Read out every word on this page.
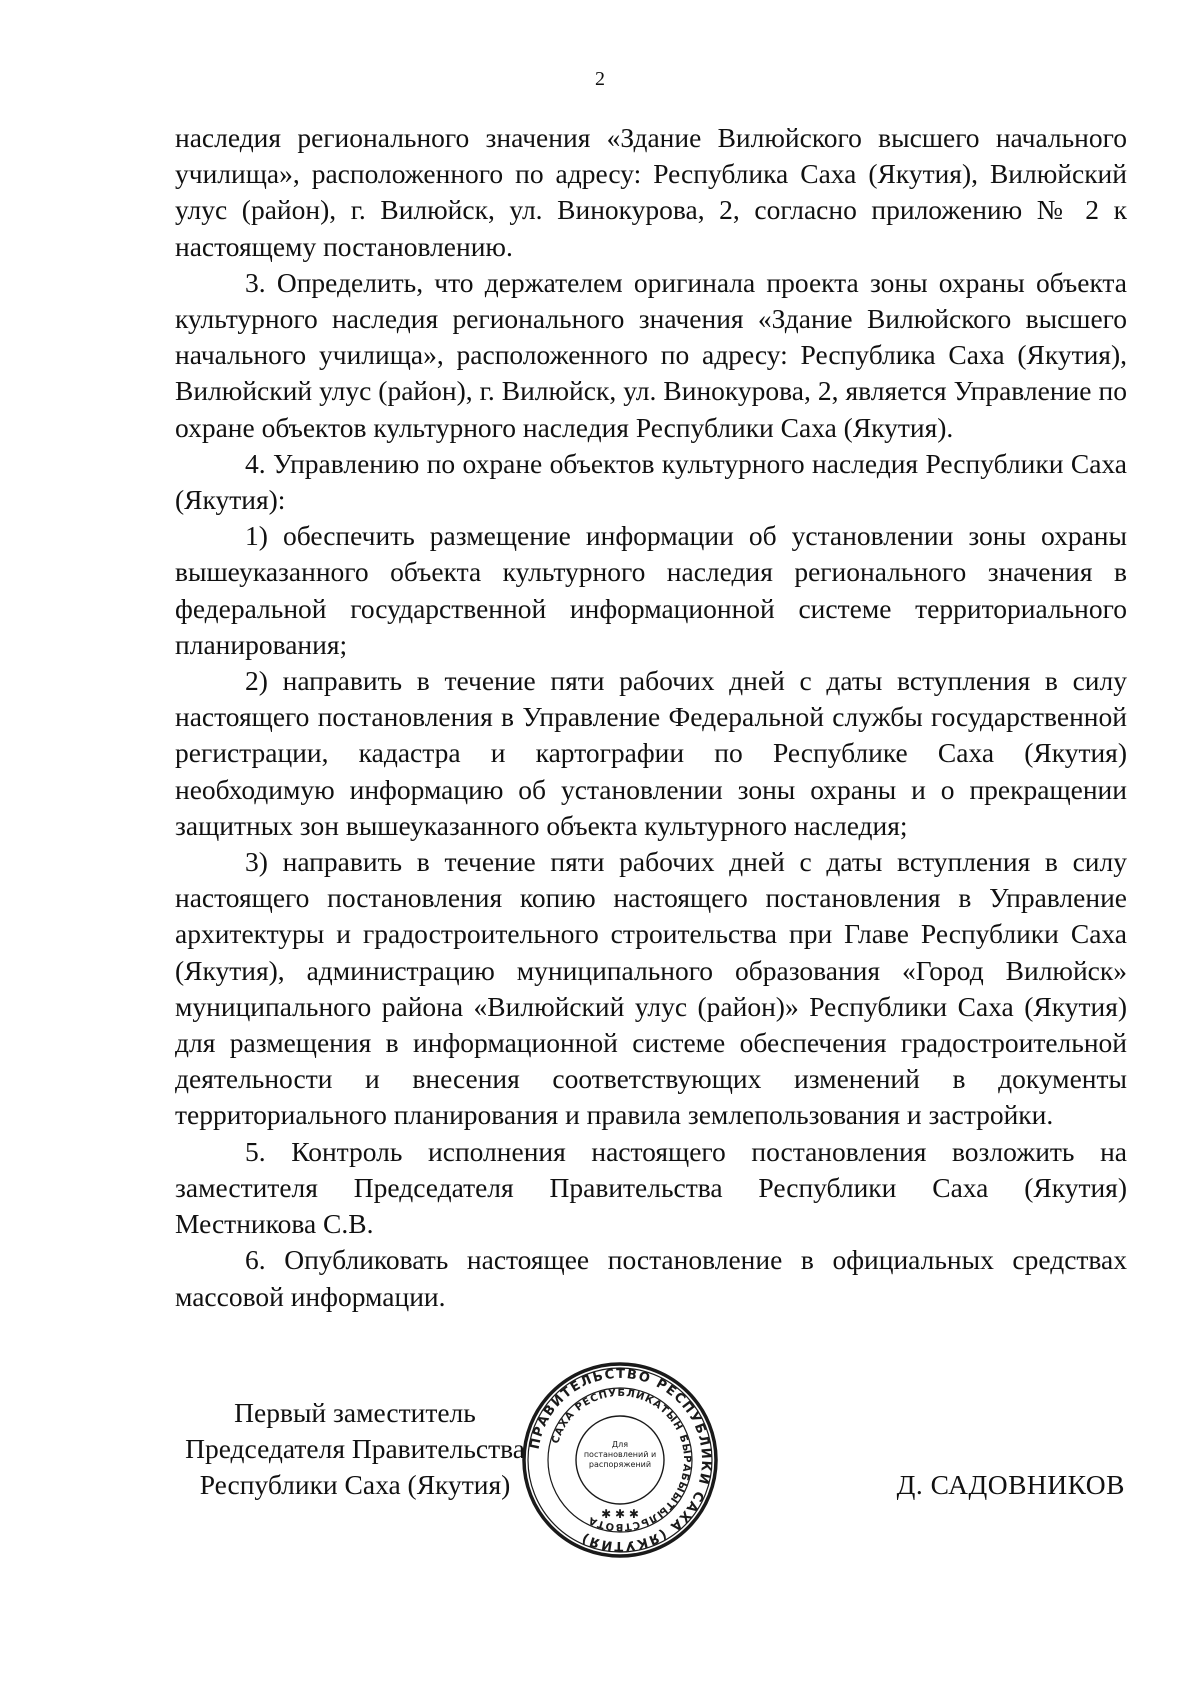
2

наследия регионального значения «Здание Вилюйского высшего начального училища», расположенного по адресу: Республика Саха (Якутия), Вилюйский улус (район), г. Вилюйск, ул. Винокурова, 2, согласно приложению № 2 к настоящему постановлению.

3. Определить, что держателем оригинала проекта зоны охраны объекта культурного наследия регионального значения «Здание Вилюйского высшего начального училища», расположенного по адресу: Республика Саха (Якутия), Вилюйский улус (район), г. Вилюйск, ул. Винокурова, 2, является Управление по охране объектов культурного наследия Республики Саха (Якутия).

4. Управлению по охране объектов культурного наследия Республики Саха (Якутия):

1) обеспечить размещение информации об установлении зоны охраны вышеуказанного объекта культурного наследия регионального значения в федеральной государственной информационной системе территориального планирования;

2) направить в течение пяти рабочих дней с даты вступления в силу настоящего постановления в Управление Федеральной службы государственной регистрации, кадастра и картографии по Республике Саха (Якутия) необходимую информацию об установлении зоны охраны и о прекращении защитных зон вышеуказанного объекта культурного наследия;

3) направить в течение пяти рабочих дней с даты вступления в силу настоящего постановления копию настоящего постановления в Управление архитектуры и градостроительного строительства при Главе Республики Саха (Якутия), администрацию муниципального образования «Город Вилюйск» муниципального района «Вилюйский улус (район)» Республики Саха (Якутия) для размещения в информационной системе обеспечения градостроительной деятельности и внесения соответствующих изменений в документы территориального планирования и правила землепользования и застройки.

5. Контроль исполнения настоящего постановления возложить на заместителя Председателя Правительства Республики Саха (Якутия) Местникова С.В.

6. Опубликовать настоящее постановление в официальных средствах массовой информации.

Первый заместитель
Председателя Правительства
Республики Саха (Якутия)	Д. САДОВНИКОВ
ПРАВИТЕЛЬСТВО РЕСПУБЛИКИ САХА (ЯКУТИЯ)
САХА РЕСПУБЛИКАТЫН БЫРАБЫЫТЫЛЬСТВОТА
Для постановлений и распоряжений
✱ ✱ ✱
